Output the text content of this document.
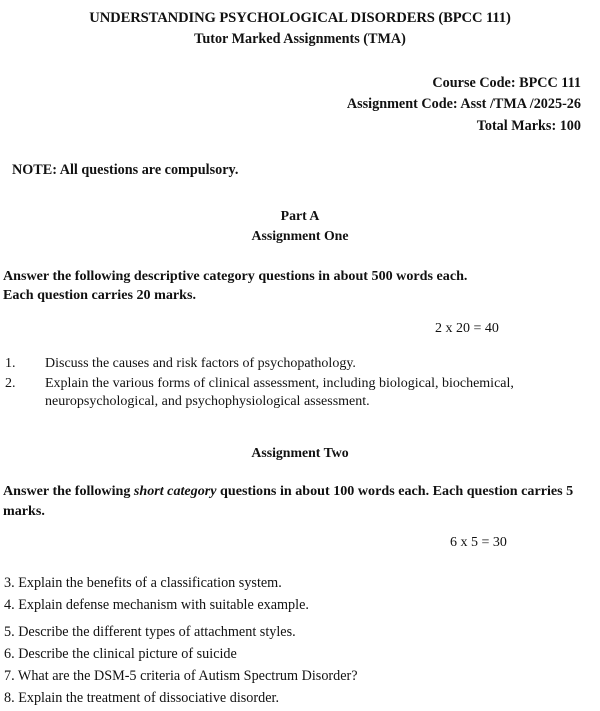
UNDERSTANDING PSYCHOLOGICAL DISORDERS (BPCC 111)
Tutor Marked Assignments (TMA)
Course Code: BPCC 111
Assignment Code: Asst /TMA /2025-26
Total Marks: 100

NOTE: All questions are compulsory.

Part A
Assignment One

Answer the following descriptive category questions in about 500 words each.
Each question carries 20 marks.

2 x 20 = 40

1. Discuss the causes and risk factors of psychopathology.
2. Explain the various forms of clinical assessment, including biological, biochemical, neuropsychological, and psychophysiological assessment.
Assignment Two

Answer the following short category questions in about 100 words each. Each question carries 5 marks.

6 x 5 = 30

3. Explain the benefits of a classification system.
4. Explain defense mechanism with suitable example.
5. Describe the different types of attachment styles.
6. Describe the clinical picture of suicide
7. What are the DSM-5 criteria of Autism Spectrum Disorder?
8. Explain the treatment of dissociative disorder.
